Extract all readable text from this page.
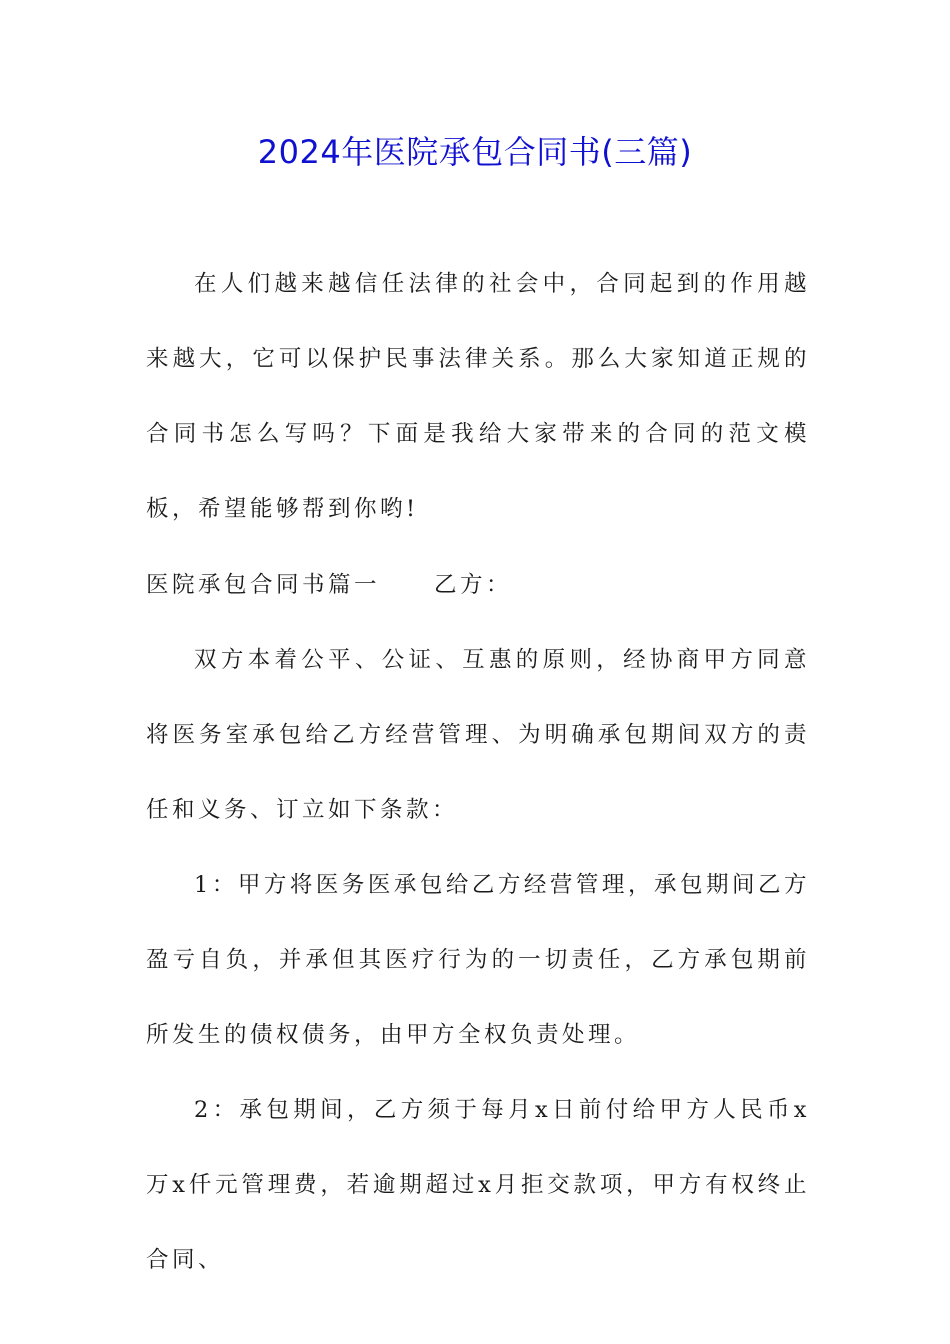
2024年医院承包合同书(三篇)

在人们越来越信任法律的社会中，合同起到的作用越来越大，它可以保护民事法律关系。那么大家知道正规的合同书怎么写吗？下面是我给大家带来的合同的范文模板，希望能够帮到你哟!

医院承包合同书篇一 乙方：

双方本着公平、公证、互惠的原则，经协商甲方同意将医务室承包给乙方经营管理、为明确承包期间双方的责任和义务、订立如下条款：

1：甲方将医务医承包给乙方经营管理，承包期间乙方盈亏自负，并承但其医疗行为的一切责任，乙方承包期前所发生的债权债务，由甲方全权负责处理。

2：承包期间，乙方须于每月x日前付给甲方人民币x万x仟元管理费，若逾期超过x月拒交款项，甲方有权终止合同、
